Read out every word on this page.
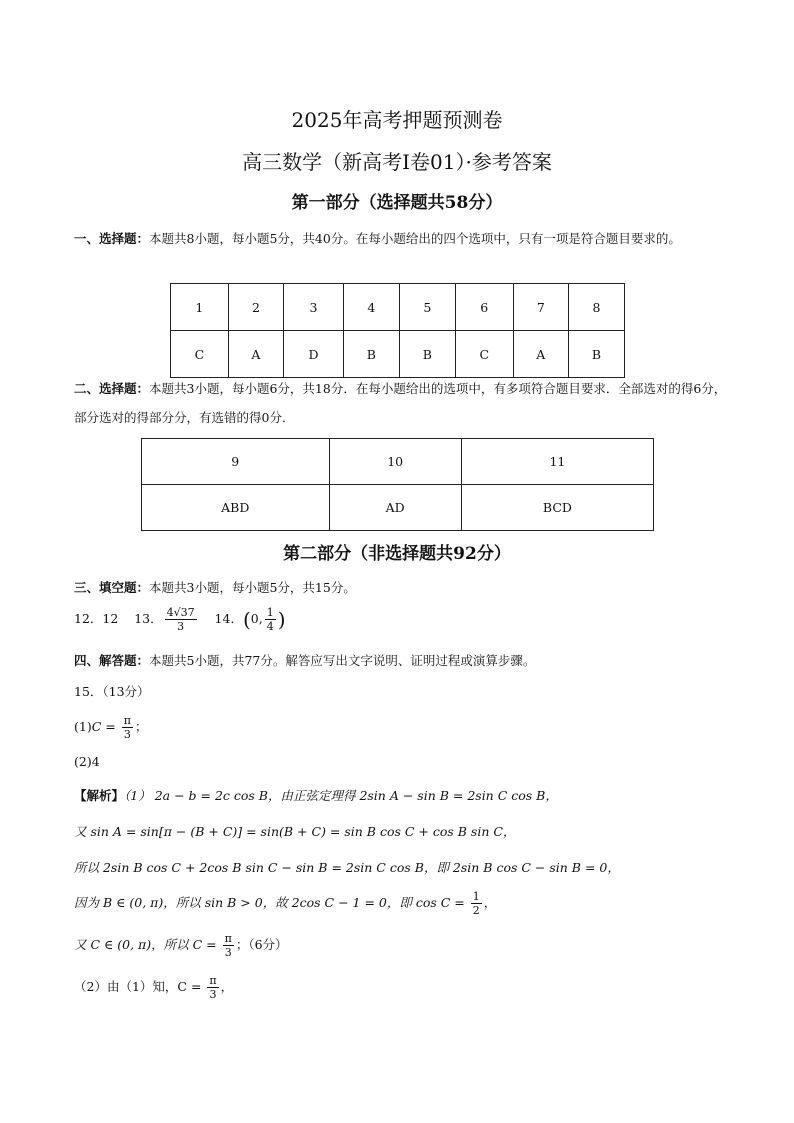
2025年高考押题预测卷
高三数学（新高考Ⅰ卷01）·参考答案
第一部分（选择题共58分）
一、选择题：本题共8小题，每小题5分，共40分。在每小题给出的四个选项中，只有一项是符合题目要求的。
1	2	3	4	5	6	7	8
C	A	D	B	B	C	A	B
二、选择题：本题共3小题，每小题6分，共18分．在每小题给出的选项中，有多项符合题目要求．全部选对的得6分，部分选对的得部分分，有选错的得0分．
9	10	11
ABD	AD	BCD
第二部分（非选择题共92分）
三、填空题：本题共3小题，每小题5分，共15分。
12．12 13． $\frac{4√37}{3} 14$．(0, $\frac{1}{4}$ )
四、解答题：本题共5小题，共77分。解答应写出文字说明、证明过程或演算步骤。
15．（13分）
$(1)C = \frac{\pi}{3}$ ；
(2)4
【解析】（1） 2a − b = 2c cos B，由正弦定理得 2sin A − sin B = 2sin C cos B，
又 sin A = sin[π − (B + C)] = sin(B + C) = sin B cos C + cos B sin C，
所以 2sin B cos C + 2cos B sin C − sin B = 2sin C cos B，即 2sin B cos C − sin B = 0，
因为 B ∈ (0, π)，所以 sin B > 0，故 2cos C − 1 = 0，即 $\cos C = \frac{1}{2}$ ，
又 C ∈ (0, π)，所以 $C = \frac{\pi}{3}$ ；（6分）
（2）由（1）知，$C = \frac{\pi}{3}$ ，
